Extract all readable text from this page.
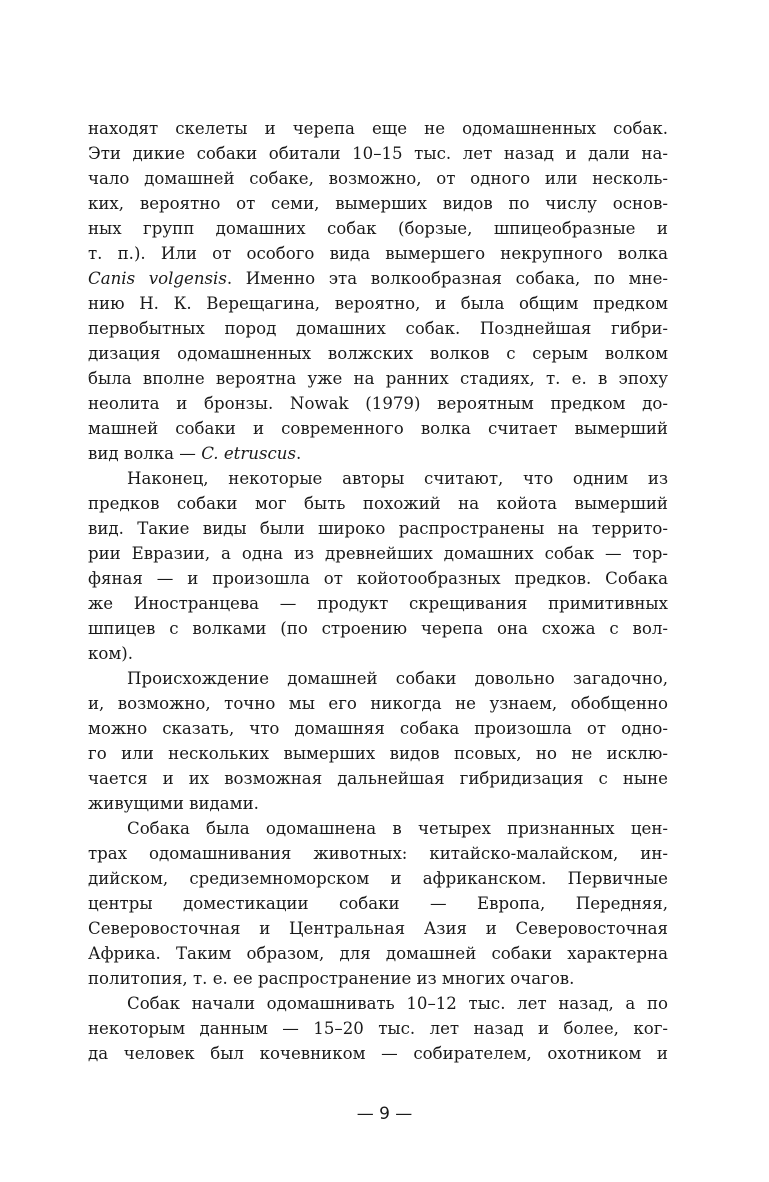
находят скелеты и черепа еще не одомашненных собак.
Эти дикие собаки обитали 10–15 тыс. лет назад и дали на-
чало домашней собаке, возможно, от одного или несколь-
ких, вероятно от семи, вымерших видов по числу основ-
ных групп домашних собак (борзые, шпицеобразные и
т. п.). Или от особого вида вымершего некрупного волка
Canis volgensis. Именно эта волкообразная собака, по мне-
нию Н. К. Верещагина, вероятно, и была общим предком
первобытных пород домашних собак. Позднейшая гибри-
дизация одомашненных волжских волков с серым волком
была вполне вероятна уже на ранних стадиях, т. е. в эпоху
неолита и бронзы. Nowak (1979) вероятным предком до-
машней собаки и современного волка считает вымерший
вид волка — C. etruscus.
Наконец, некоторые авторы считают, что одним из
предков собаки мог быть похожий на койота вымерший
вид. Такие виды были широко распространены на террито-
рии Евразии, а одна из древнейших домашних собак — тор-
фяная — и произошла от койотообразных предков. Собака
же Иностранцева — продукт скрещивания примитивных
шпицев с волками (по строению черепа она схожа с вол-
ком).
Происхождение домашней собаки довольно загадочно,
и, возможно, точно мы его никогда не узнаем, обобщенно
можно сказать, что домашняя собака произошла от одно-
го или нескольких вымерших видов псовых, но не исклю-
чается и их возможная дальнейшая гибридизация с ныне
живущими видами.
Собака была одомашнена в четырех признанных цен-
трах одомашнивания животных: китайско-малайском, ин-
дийском, средиземноморском и африканском. Первичные
центры доместикации собаки — Европа, Передняя,
Северовосточная и Центральная Азия и Северовосточная
Африка. Таким образом, для домашней собаки характерна
политопия, т. е. ее распространение из многих очагов.
Собак начали одомашнивать 10–12 тыс. лет назад, а по
некоторым данным — 15–20 тыс. лет назад и более, ког-
да человек был кочевником — собирателем, охотником и
— 9 —
